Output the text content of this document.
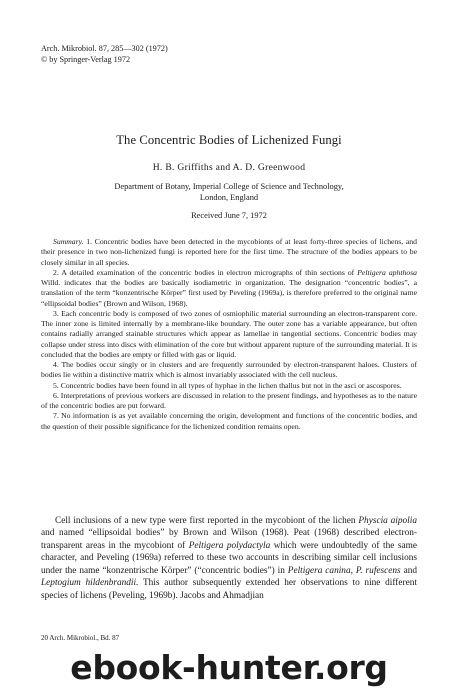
Arch. Mikrobiol. 87, 285—302 (1972)
© by Springer-Verlag 1972
The Concentric Bodies of Lichenized Fungi
H. B. Griffiths and A. D. Greenwood
Department of Botany, Imperial College of Science and Technology,
London, England
Received June 7, 1972

Summary. 1. Concentric bodies have been detected in the mycobionts of at least forty-three species of lichens, and their presence in two non-lichenized fungi is reported here for the first time. The structure of the bodies appears to be closely similar in all species.

2. A detailed examination of the concentric bodies in electron micrographs of thin sections of Peltigera aphthosa Willd. indicates that the bodies are basically isodiametric in organization. The designation “concentric bodies”, a translation of the term “konzentrische Körper” first used by Peveling (1969a), is therefore preferred to the original name “ellipsoidal bodies” (Brown and Wilson, 1968).

3. Each concentric body is composed of two zones of osmiophilic material surrounding an electron-transparent core. The inner zone is limited internally by a membrane-like boundary. The outer zone has a variable appearance, but often contains radially arranged stainable structures which appear as lamellae in tangential sections. Concentric bodies may collapse under stress into discs with elimination of the core but without apparent rupture of the surrounding material. It is concluded that the bodies are empty or filled with gas or liquid.

4. The bodies occur singly or in clusters and are frequently surrounded by electron-transparent haloes. Clusters of bodies lie within a distinctive matrix which is almost invariably associated with the cell nucleus.

5. Concentric bodies have been found in all types of hyphae in the lichen thallus but not in the asci or ascospores.

6. Interpretations of previous workers are discussed in relation to the present findings, and hypotheses as to the nature of the concentric bodies are put forward.

7. No information is as yet available concerning the origin, development and functions of the concentric bodies, and the question of their possible significance for the lichenized condition remains open.

Cell inclusions of a new type were first reported in the mycobiont of the lichen Physcia aipolia and named “ellipsoidal bodies” by Brown and Wilson (1968). Peat (1968) described electron-transparent areas in the mycobiont of Peltigera polydactyla which were undoubtedly of the same character, and Peveling (1969a) referred to these two accounts in describing similar cell inclusions under the name “konzentrische Körper” (“concentric bodies”) in Peltigera canina, P. rufescens and Leptogium hildenbrandii. This author subsequently extended her observations to nine different species of lichens (Peveling, 1969b). Jacobs and Ahmadjian

20 Arch. Mikrobiol., Bd. 87
ebook-hunter.org
